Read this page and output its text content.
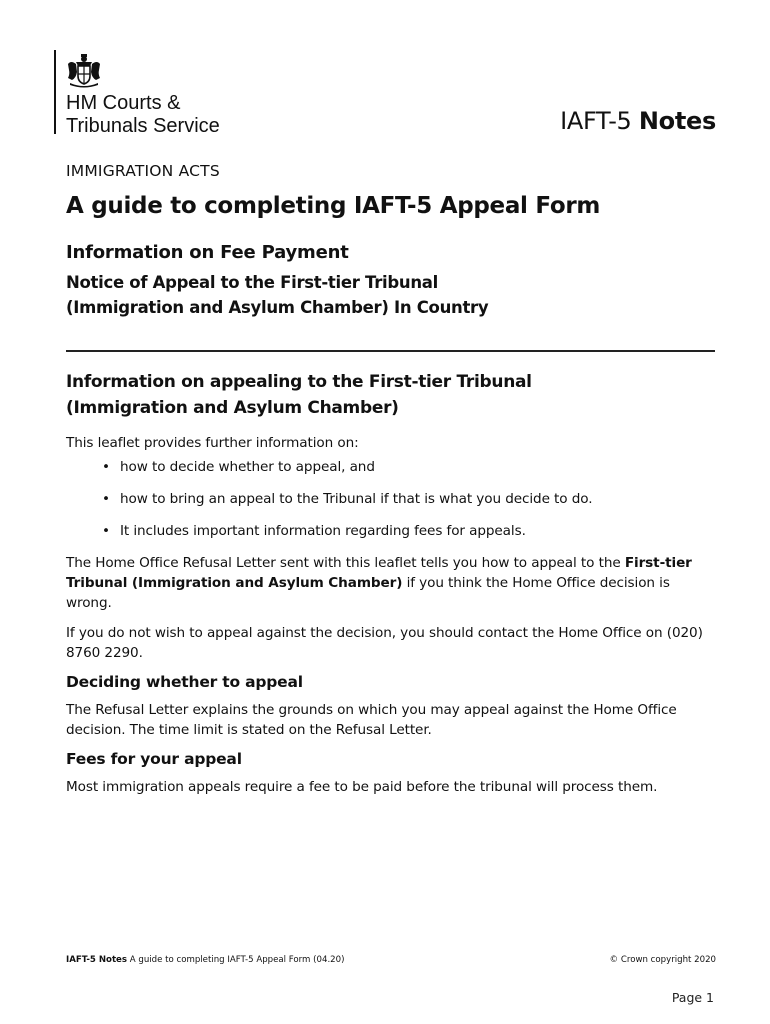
HM Courts &
Tribunals Service	IAFT-5 Notes
IMMIGRATION ACTS
A guide to completing IAFT-5 Appeal Form
Information on Fee Payment
Notice of Appeal to the First-tier Tribunal
(Immigration and Asylum Chamber) In Country
Information on appealing to the First-tier Tribunal
(Immigration and Asylum Chamber)

This leaflet provides further information on:

• how to decide whether to appeal, and
• how to bring an appeal to the Tribunal if that is what you decide to do.
• It includes important information regarding fees for appeals.

The Home Office Refusal Letter sent with this leaflet tells you how to appeal to the First-tier Tribunal (Immigration and Asylum Chamber) if you think the Home Office decision is wrong.

If you do not wish to appeal against the decision, you should contact the Home Office on (020) 8760 2290.

Deciding whether to appeal

The Refusal Letter explains the grounds on which you may appeal against the Home Office decision. The time limit is stated on the Refusal Letter.

Fees for your appeal

Most immigration appeals require a fee to be paid before the tribunal will process them.

IAFT-5 Notes A guide to completing IAFT-5 Appeal Form (04.20)	© Crown copyright 2020
Page 1
